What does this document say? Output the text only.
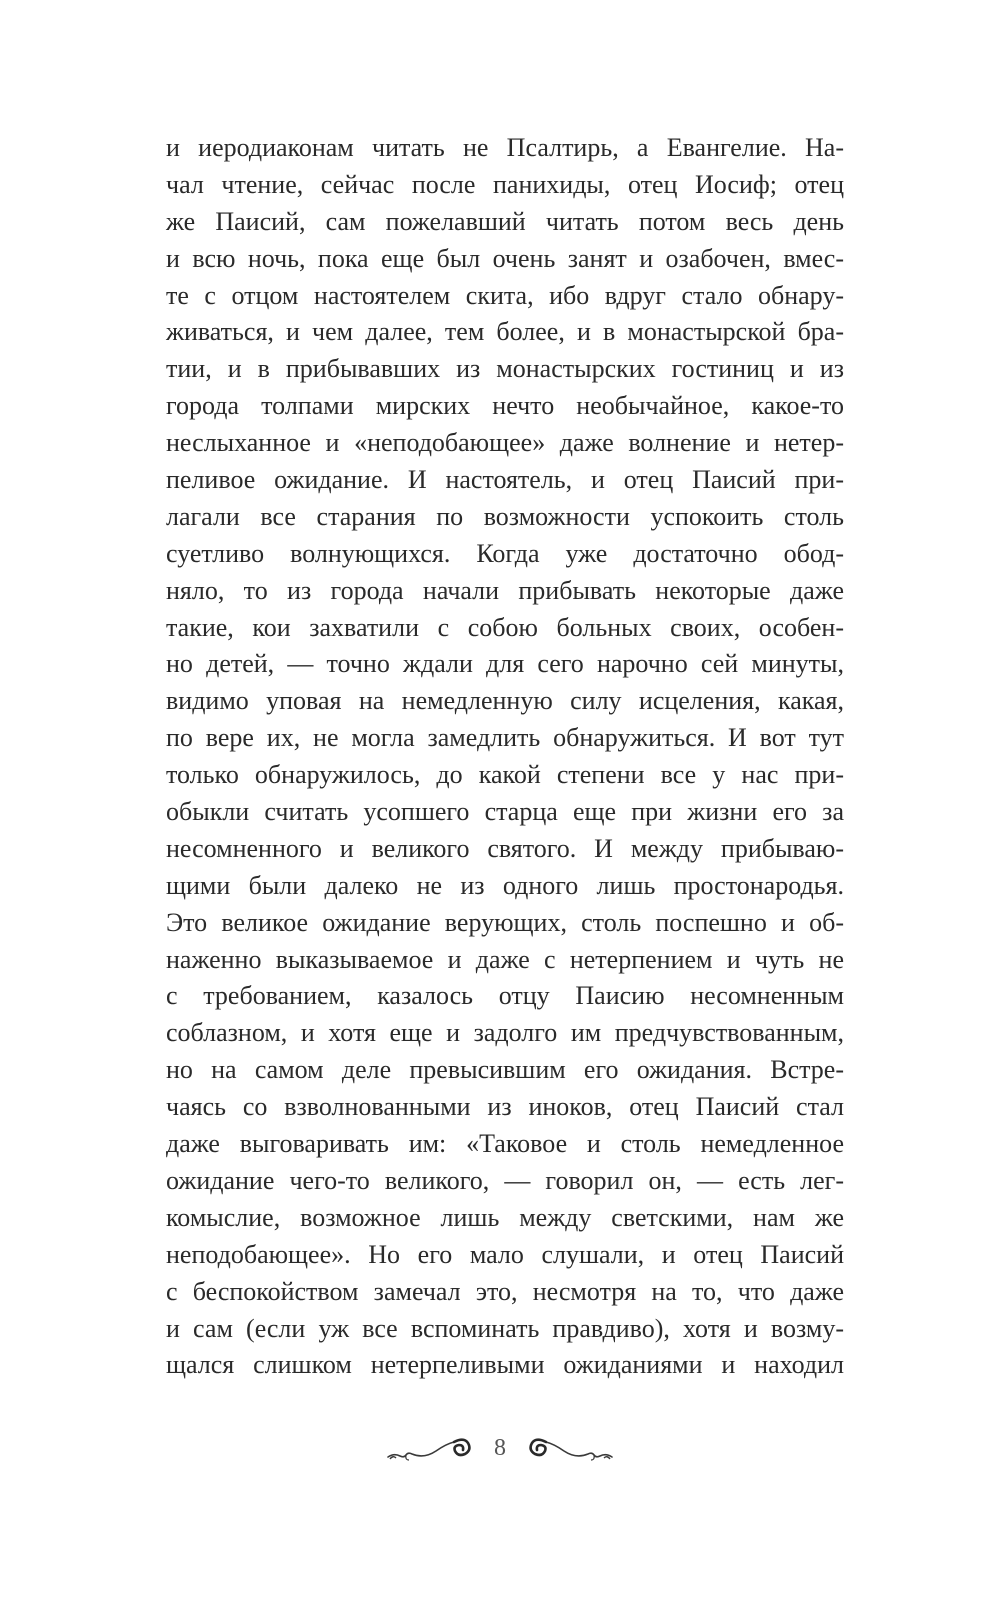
и иеродиаконам читать не Псалтирь, а Евангелие. На-
чал чтение, сейчас после панихиды, отец Иосиф; отец
же Паисий, сам пожелавший читать потом весь день
и всю ночь, пока еще был очень занят и озабочен, вмес-
те с отцом настоятелем скита, ибо вдруг стало обнару-
живаться, и чем далее, тем более, и в монастырской бра-
тии, и в прибывавших из монастырских гостиниц и из
города толпами мирских нечто необычайное, какое-то
неслыханное и «неподобающее» даже волнение и нетер-
пеливое ожидание. И настоятель, и отец Паисий при-
лагали все старания по возможности успокоить столь
суетливо волнующихся. Когда уже достаточно обод-
няло, то из города начали прибывать некоторые даже
такие, кои захватили с собою больных своих, особен-
но детей, — точно ждали для сего нарочно сей минуты,
видимо уповая на немедленную силу исцеления, какая,
по вере их, не могла замедлить обнаружиться. И вот тут
только обнаружилось, до какой степени все у нас при-
обыкли считать усопшего старца еще при жизни его за
несомненного и великого святого. И между прибываю-
щими были далеко не из одного лишь простонародья.
Это великое ожидание верующих, столь поспешно и об-
наженно выказываемое и даже с нетерпением и чуть не
с требованием, казалось отцу Паисию несомненным
соблазном, и хотя еще и задолго им предчувствованным,
но на самом деле превысившим его ожидания. Встре-
чаясь со взволнованными из иноков, отец Паисий стал
даже выговаривать им: «Таковое и столь немедленное
ожидание чего-то великого, — говорил он, — есть лег-
комыслие, возможное лишь между светскими, нам же
неподобающее». Но его мало слушали, и отец Паисий
с беспокойством замечал это, несмотря на то, что даже
и сам (если уж все вспоминать правдиво), хотя и возму-
щался слишком нетерпеливыми ожиданиями и находил
8
